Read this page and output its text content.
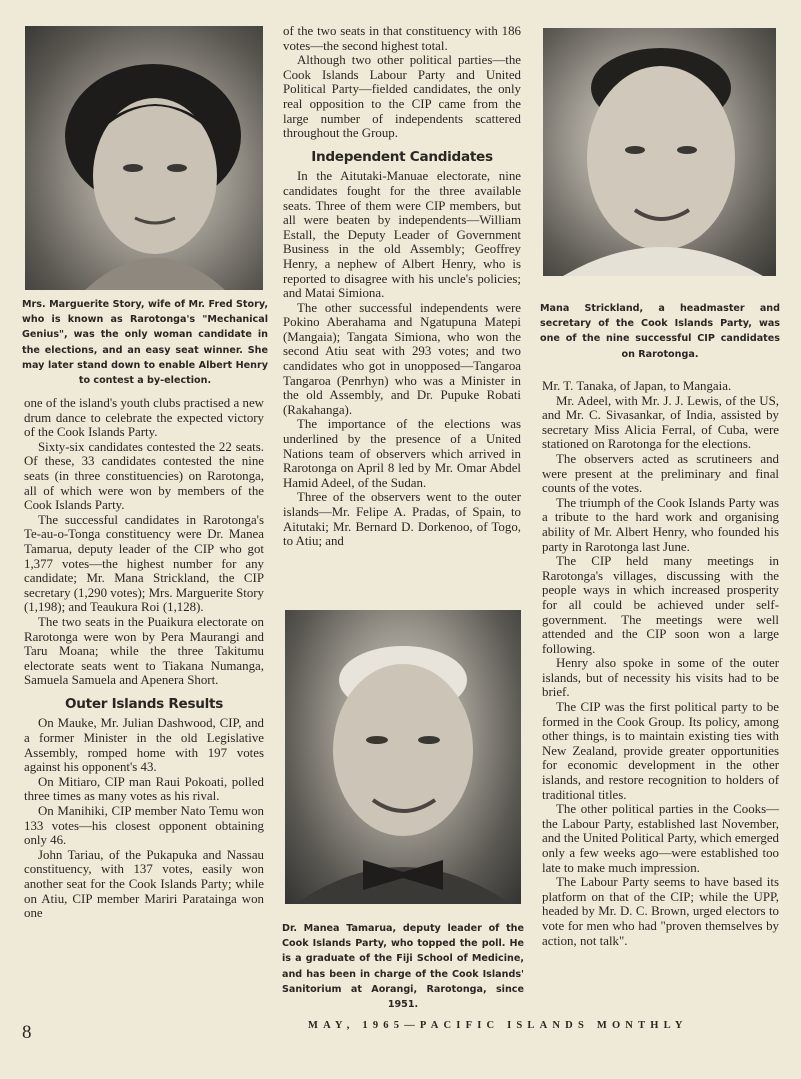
Mrs. Marguerite Story, wife of Mr. Fred Story, who is known as Rarotonga's "Mechanical Genius", was the only woman candidate in the elections, and an easy seat winner. She may later stand down to enable Albert Henry to contest a by-election.
Mana Strickland, a headmaster and secretary of the Cook Islands Party, was one of the nine successful CIP candidates on Rarotonga.
Dr. Manea Tamarua, deputy leader of the Cook Islands Party, who topped the poll. He is a graduate of the Fiji School of Medicine, and has been in charge of the Cook Islands' Sanitorium at Aorangi, Rarotonga, since 1951.

one of the island's youth clubs practised a new drum dance to celebrate the expected victory of the Cook Islands Party.

Sixty-six candidates contested the 22 seats. Of these, 33 candidates contested the nine seats (in three constituencies) on Rarotonga, all of which were won by members of the Cook Islands Party.

The successful candidates in Rarotonga's Te-au-o-Tonga constituency were Dr. Manea Tamarua, deputy leader of the CIP who got 1,377 votes—the highest number for any candidate; Mr. Mana Strickland, the CIP secretary (1,290 votes); Mrs. Marguerite Story (1,198); and Teaukura Roi (1,128).

The two seats in the Puaikura electorate on Rarotonga were won by Pera Maurangi and Taru Moana; while the three Takitumu electorate seats went to Tiakana Numanga, Samuela Samuela and Apenera Short.

Outer Islands Results

On Mauke, Mr. Julian Dashwood, CIP, and a former Minister in the old Legislative Assembly, romped home with 197 votes against his opponent's 43.

On Mitiaro, CIP man Raui Pokoati, polled three times as many votes as his rival.

On Manihiki, CIP member Nato Temu won 133 votes—his closest opponent obtaining only 46.

John Tariau, of the Pukapuka and Nassau constituency, with 137 votes, easily won another seat for the Cook Islands Party; while on Atiu, CIP member Mariri Paratainga won one

of the two seats in that constituency with 186 votes—the second highest total.

Although two other political parties—the Cook Islands Labour Party and United Political Party—fielded candidates, the only real opposition to the CIP came from the large number of independents scattered throughout the Group.

Independent Candidates

In the Aitutaki-Manuae electorate, nine candidates fought for the three available seats. Three of them were CIP members, but all were beaten by independents—William Estall, the Deputy Leader of Government Business in the old Assembly; Geoffrey Henry, a nephew of Albert Henry, who is reported to disagree with his uncle's policies; and Matai Simiona.

The other successful independents were Pokino Aberahama and Ngatupuna Matepi (Mangaia); Tangata Simiona, who won the second Atiu seat with 293 votes; and two candidates who got in unopposed—Tangaroa Tangaroa (Penrhyn) who was a Minister in the old Assembly, and Dr. Pupuke Robati (Rakahanga).

The importance of the elections was underlined by the presence of a United Nations team of observers which arrived in Rarotonga on April 8 led by Mr. Omar Abdel Hamid Adeel, of the Sudan.

Three of the observers went to the outer islands—Mr. Felipe A. Pradas, of Spain, to Aitutaki; Mr. Bernard D. Dorkenoo, of Togo, to Atiu; and

Mr. T. Tanaka, of Japan, to Mangaia.

Mr. Adeel, with Mr. J. J. Lewis, of the US, and Mr. C. Sivasankar, of India, assisted by secretary Miss Alicia Ferral, of Cuba, were stationed on Rarotonga for the elections.

The observers acted as scrutineers and were present at the preliminary and final counts of the votes.

The triumph of the Cook Islands Party was a tribute to the hard work and organising ability of Mr. Albert Henry, who founded his party in Rarotonga last June.

The CIP held many meetings in Rarotonga's villages, discussing with the people ways in which increased prosperity for all could be achieved under self-government. The meetings were well attended and the CIP soon won a large following.

Henry also spoke in some of the outer islands, but of necessity his visits had to be brief.

The CIP was the first political party to be formed in the Cook Group. Its policy, among other things, is to maintain existing ties with New Zealand, provide greater opportunities for economic development in the other islands, and restore recognition to holders of traditional titles.

The other political parties in the Cooks—the Labour Party, established last November, and the United Political Party, which emerged only a few weeks ago—were established too late to make much impression.

The Labour Party seems to have based its platform on that of the CIP; while the UPP, headed by Mr. D. C. Brown, urged electors to vote for men who had "proven themselves by action, not talk".

8	MAY, 1965—PACIFIC ISLANDS MONTHLY
